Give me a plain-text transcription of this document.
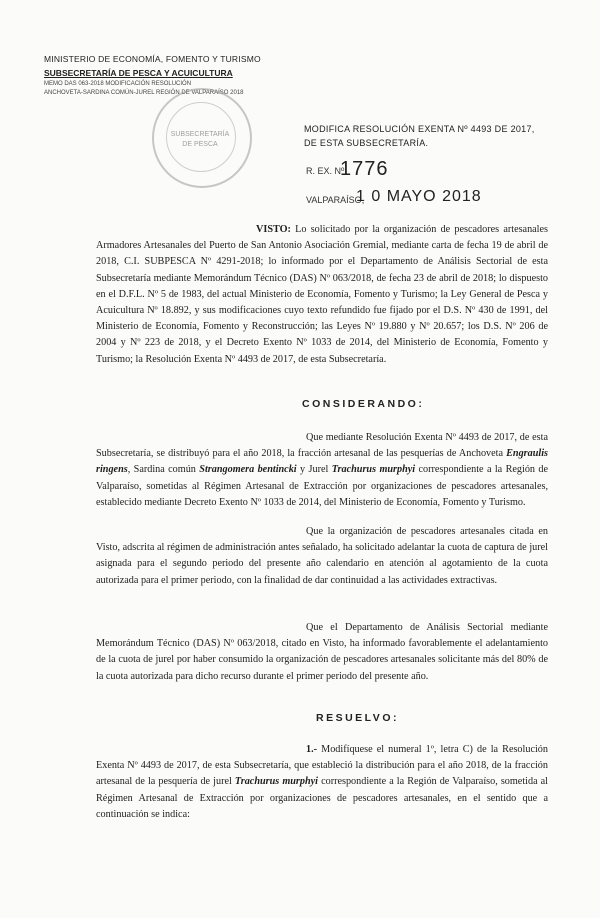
MINISTERIO DE ECONOMÍA, FOMENTO Y TURISMO
SUBSECRETARÍA DE PESCA Y ACUICULTURA
MEMO DAS 063-2018 MODIFICACIÓN RESOLUCIÓN
ANCHOVETA-SARDINA COMÚN-JUREL REGIÓN DE VALPARAÍSO 2018
SUBSECRETARÍA DE PESCA
MODIFICA RESOLUCIÓN EXENTA Nº 4493 DE 2017,
DE ESTA SUBSECRETARÍA.
R. EX. Nº
1776
VALPARAÍSO,
1 0 MAYO 2018
VISTO: Lo solicitado por la organización de pescadores artesanales Armadores Artesanales del Puerto de San Antonio Asociación Gremial, mediante carta de fecha 19 de abril de 2018, C.I. SUBPESCA Nº 4291-2018; lo informado por el Departamento de Análisis Sectorial de esta Subsecretaría mediante Memorándum Técnico (DAS) Nº 063/2018, de fecha 23 de abril de 2018; lo dispuesto en el D.F.L. Nº 5 de 1983, del actual Ministerio de Economía, Fomento y Turismo; la Ley General de Pesca y Acuicultura Nº 18.892, y sus modificaciones cuyo texto refundido fue fijado por el D.S. Nº 430 de 1991, del Ministerio de Economía, Fomento y Reconstrucción; las Leyes Nº 19.880 y Nº 20.657; los D.S. Nº 206 de 2004 y Nº 223 de 2018, y el Decreto Exento Nº 1033 de 2014, del Ministerio de Economía, Fomento y Turismo; la Resolución Exenta Nº 4493 de 2017, de esta Subsecretaría.
CONSIDERANDO:
Que mediante Resolución Exenta Nº 4493 de 2017, de esta Subsecretaría, se distribuyó para el año 2018, la fracción artesanal de las pesquerías de Anchoveta Engraulis ringens, Sardina común Strangomera bentincki y Jurel Trachurus murphyi correspondiente a la Región de Valparaíso, sometidas al Régimen Artesanal de Extracción por organizaciones de pescadores artesanales, establecido mediante Decreto Exento Nº 1033 de 2014, del Ministerio de Economía, Fomento y Turismo.
Que la organización de pescadores artesanales citada en Visto, adscrita al régimen de administración antes señalado, ha solicitado adelantar la cuota de captura de jurel asignada para el segundo periodo del presente año calendario en atención al agotamiento de la cuota autorizada para el primer periodo, con la finalidad de dar continuidad a las actividades extractivas.
Que el Departamento de Análisis Sectorial mediante Memorándum Técnico (DAS) Nº 063/2018, citado en Visto, ha informado favorablemente el adelantamiento de la cuota de jurel por haber consumido la organización de pescadores artesanales solicitante más del 80% de la cuota autorizada para dicho recurso durante el primer periodo del presente año.
RESUELVO:
1.- Modifíquese el numeral 1º, letra C) de la Resolución Exenta Nº 4493 de 2017, de esta Subsecretaría, que estableció la distribución para el año 2018, de la fracción artesanal de la pesquería de jurel Trachurus murphyi correspondiente a la Región de Valparaíso, sometida al Régimen Artesanal de Extracción por organizaciones de pescadores artesanales, en el sentido que a continuación se indica:
